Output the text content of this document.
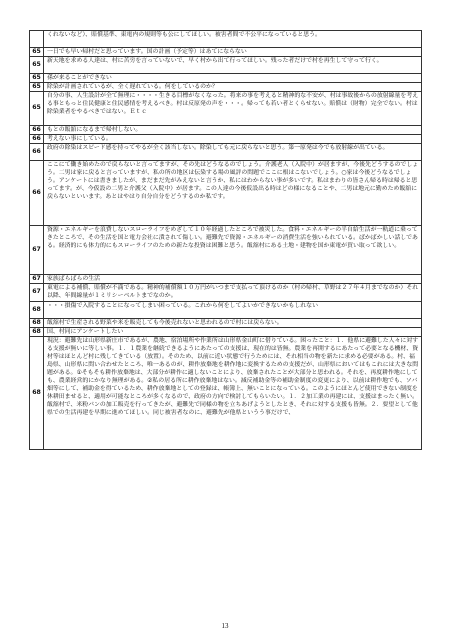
	くれないなど）、賠償基準、東電内の規則等も公にしてほしい。被害者間で不公平になっていると思う。
65	一日でも早い帰村だと思っています。国の計画（予定等）はあてにならない
65	新天地を求める人達は、村に苦労を言っていないで、早く村から出て行ってほしい。残った者だけで村を再生して守って行く。
65	孫が来ることができない
65	除染が計画されているが、全く遅れている。何をしているのか？
65	自分の事、人生設計が全て無理に・・・・生きる目標がなくなった。将来の事を考えると精神的な不安が、村は事故後からの放射線量を考える事ともっと住民健康と住民感情を考えるべき。村は反原発の声を・・・。帰っても若い者とくらせない。賠償は（財物）完全でない。村は除染業者をやるべきではない。Ｅｔｃ
66	もとの飯舘になるまで帰村しない。
66	考えない事にしている。
66	政府の除染はスピード感を持ってやるが全く該当しない。除染しても元に戻らないと思う。第一原発は今でも放射線が出ている。
66	ここにて働き始めたので戻らないと言ってますが、その先はどうなるのでしょう。介護老人（入院中）が居ますが、今後先どうするのでしょう。二男は家に戻ると言っていますが、私の所の地区は伝染する場の風評の問題でここに根はこないでしょう。○家は今後どうなるでしょう。アンケートには書きましたが、まだまだ先がみえないと言うか、私にはわからない事が多いです。私はまわりの皆さん帰る時は帰ると思ってます。が、今仮設の二男と介護父（入院中）が居ます。この人達の今後仮設出る時はどの様になることや、二男は地元に勤めため飯舘に戻らないといいます。あとはやはり自分自分をどうするのか私です。
67	資源・エネルギーを浪費しないスローライフをめざして１０年経過したところで被災した。食料・エネルギーの半自給生活が一軌道に乗ってきたところで、その生活を国と電力会社に潰されて傷しい。避難先で資源・エネルギーの消費生活を強いられている。ばかばかしい話しである。経済的にも体力的にもスローライフのための新たな投資は困難と思う。飯舘村にある土地・建物を国か東電が買い取って欲しい。
67	家族ばらばらの生活
67	東電による補償、賠償が不満である。精神的補償額１０万円がいつまで支払って頂けるのか（村の帰村、草野は２７年４月までなのか）それ以降、年間線量が１ミリシーベルトまでなのか。
68	・・・損傷で入院することになってしまい困っている。これから何をしてよいかできないかもしれない
68	飯舘村で生産される野菜や米を販売しても今後売れないと思われるので村には戻らない。
68	国、村同にアンケートしたい
68	現況：避難先は山形県新庄市であるが、農地、宿泊場所や作業所は山形県金山町に借りている。困ったこと：１．他県に避難した人々に対する支援が無いに等しい事。１．１農業を継続できるようにあたっての支援は、現在的は皆無。農業を再開するにあたって必要となる機材、資材等はほとんど村に残してきている（放置）。そのため、以前に近い状態で行うためには、それ相当の物を新たに求める必要がある。村、福島県、山形県に問い合わせたところ、唯一あるのが、耕作放棄地を耕作地に変換するための支援だが、山形県においてはもこれには大きな問題がある。①そもそも耕作放棄地は、大部分が耕作に適しないことにより、放棄されたことが大部分と思われる。それを、再度耕作地にしても、農業経営的にかなり無理がある。②私の居る所に耕作放棄地はない。減反補助金等の補助金制度の変更により、以前は耕作地でも、ソバ畑等にして、補助金を得ているため、耕作放棄地としての登録は、帳簿上、無いことになっている。このようにほとんど使用できない制度を休耕田ませると、適用が可能なところが多くなるので、政府の方向で検討してもらいたい。１．２加工業の再建には、支援はまったく無い。飯舘村で、米粉パンの加工販売を行ってきたが、避難先で同様の物を立ちあげようとしたとき、それに対する支援も皆無。２．要望として他県での生活再建を早期に進めてほしい。同じ被害者なのに、避難先が他県というう事だけで、
13
